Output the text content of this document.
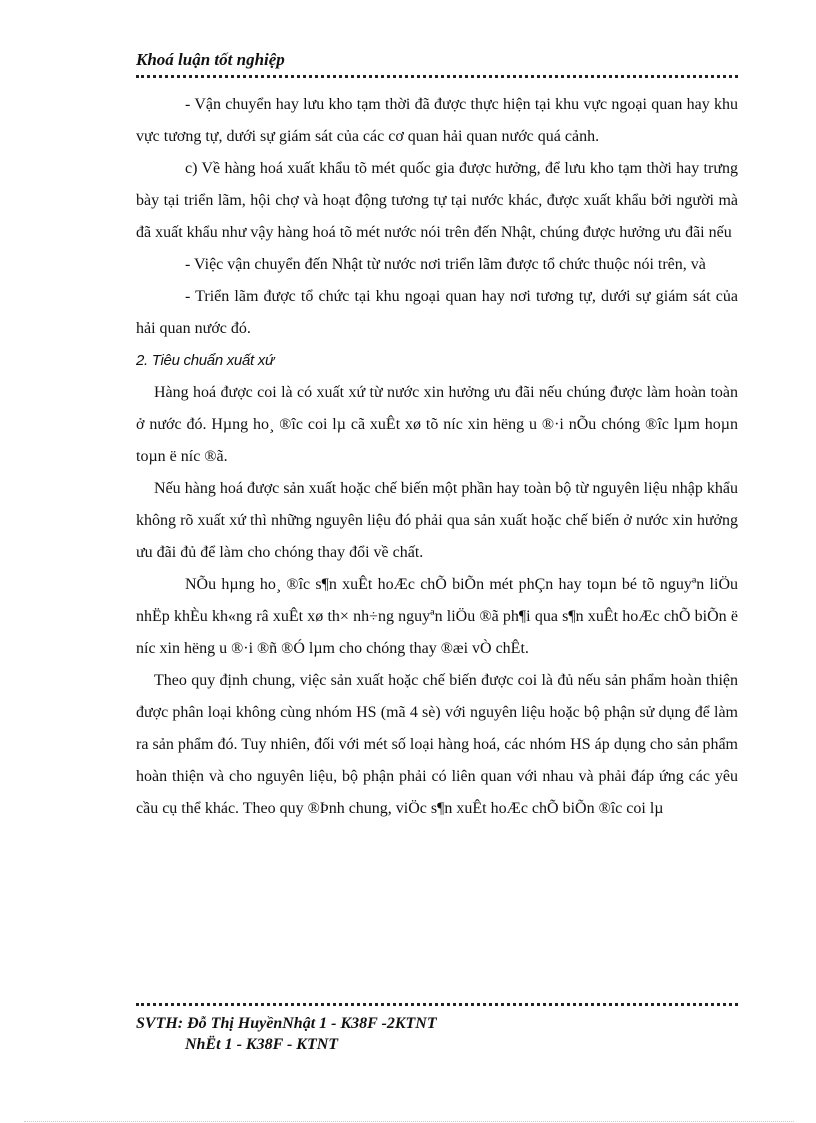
Khoá luận tốt nghiệp

- Vận chuyển hay lưu kho tạm thời đã được thực hiện tại khu vực ngoại quan hay khu vực tương tự, dưới sự giám sát của các cơ quan hải quan nước quá cảnh.

c) Về hàng hoá xuất khẩu tõ mét quốc gia được hưởng, để lưu kho tạm thời hay trưng bày tại triển lãm, hội chợ và hoạt động tương tự tại nước khác, được xuất khẩu bởi người mà đã xuất khẩu như vậy hàng hoá tõ mét nước nói trên đến Nhật, chúng được hưởng ưu đãi nếu

- Việc vận chuyển đến Nhật từ nước nơi triển lãm được tổ chức thuộc nói trên, và

- Triển lãm được tổ chức tại khu ngoại quan hay nơi tương tự, dưới sự giám sát của hải quan nước đó.

2. Tiêu chuẩn xuất xứ

Hàng hoá được coi là có xuất xứ từ nước xin hưởng ưu đãi nếu chúng được làm hoàn toàn ở nước đó. Hµng ho¸ ®îc coi lµ cã xuÊt xø tõ níc xin hëng u ®·i nÕu chóng ®îc lµm hoµn toµn ë níc ®ã.

Nếu hàng hoá được sản xuất hoặc chế biến một phần hay toàn bộ từ nguyên liệu nhập khẩu không rõ xuất xứ thì những nguyên liệu đó phải qua sản xuất hoặc chế biến ở nước xin hưởng ưu đãi đủ để làm cho chóng thay đổi về chất.

NÕu hµng ho¸ ®îc s¶n xuÊt hoÆc chÕ biÕn mét phÇn hay toµn bé tõ nguyªn liÖu nhËp khÈu kh«ng râ xuÊt xø th× nh÷ng nguyªn liÖu ®ã ph¶i qua s¶n xuÊt hoÆc chÕ biÕn ë níc xin hëng u ®·i ®ñ ®Ó lµm cho chóng thay ®æi vÒ chÊt.

Theo quy định chung, việc sản xuất hoặc chế biến được coi là đủ nếu sản phẩm hoàn thiện được phân loại không cùng nhóm HS (mã 4 sè) với nguyên liệu hoặc bộ phận sử dụng để làm ra sản phẩm đó. Tuy nhiên, đối với mét số loại hàng hoá, các nhóm HS áp dụng cho sản phẩm hoàn thiện và cho nguyên liệu, bộ phận phải có liên quan với nhau và phải đáp ứng các yêu cầu cụ thể khác. Theo quy ®Þnh chung, viÖc s¶n xuÊt hoÆc chÕ biÕn ®îc coi lµ

SVTH: Đỗ Thị HuyềnNhật 1 - K38F -2KTNT
NhËt 1 - K38F - KTNT
